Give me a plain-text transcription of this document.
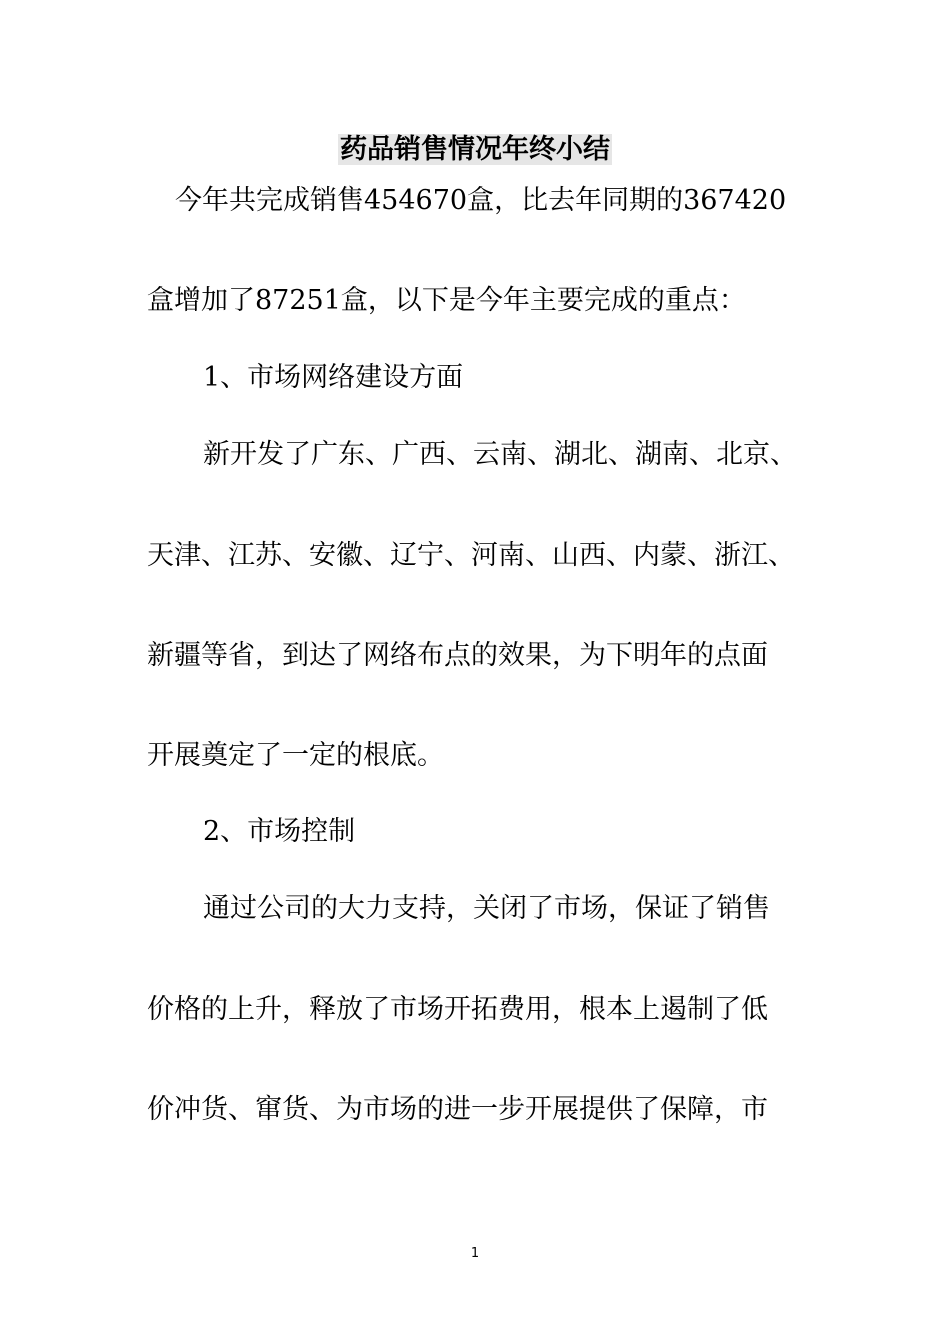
药品销售情况年终小结
今年共完成销售454670盒，比去年同期的367420
盒增加了87251盒，以下是今年主要完成的重点：
1、市场网络建设方面
新开发了广东、广西、云南、湖北、湖南、北京、
天津、江苏、安徽、辽宁、河南、山西、内蒙、浙江、
新疆等省，到达了网络布点的效果，为下明年的点面
开展奠定了一定的根底。
2、市场控制
通过公司的大力支持，关闭了市场，保证了销售
价格的上升，释放了市场开拓费用，根本上遏制了低
价冲货、窜货、为市场的进一步开展提供了保障，市
1
